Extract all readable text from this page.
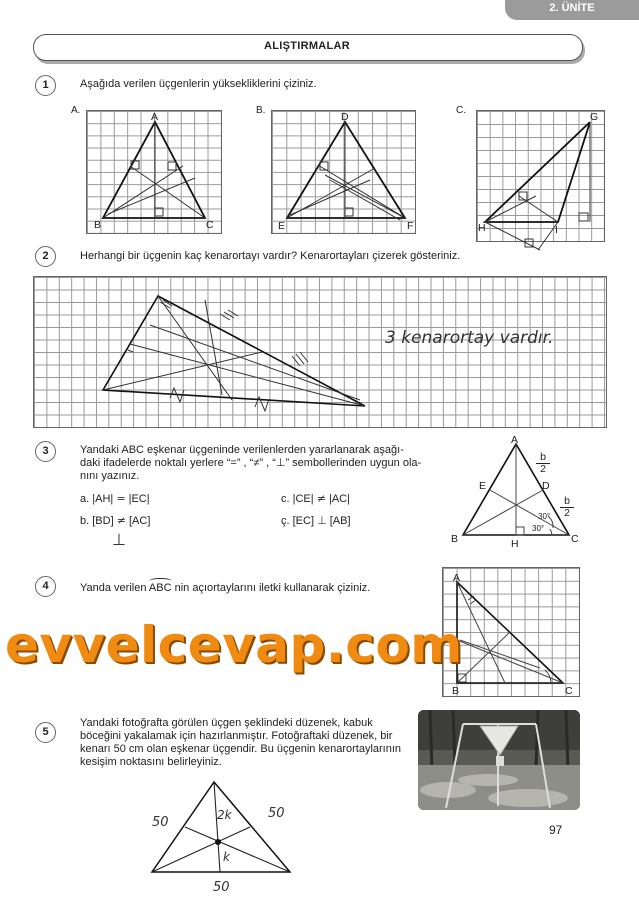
2. ÜNİTE
ALIŞTIRMALAR
1	Aşağıda verilen üçgenlerin yüksekliklerini çiziniz.
A.	B.	C.
A
B	C
D
E	F
G
H	I
2	Herhangi bir üçgenin kaç kenarortayı vardır? Kenarortayları çizerek gösteriniz.
3 kenarortay vardır.
3	Yandaki ABC eşkenar üçgeninde verilenlerden yararlanarak aşağı-
daki ifadelerde noktalı yerlere “=” , “≠” , “⊥” sembollerinden uygun ola-
nını yazınız.
a. |AH| = |EC|
b. [BD] ≠ [AC]
⊥
c. |CE| ≠ |AC|
ç. [EC] ⊥ [AB]
A
B	C
D
E
H
b
2
b
2
30°
30°
4	Yanda verilen ABC nin açıortaylarını iletki kullanarak çiziniz.
A
B	C
evvelcevap.com
5
Yandaki fotoğrafta görülen üçgen şeklindeki düzenek, kabuk
böceğini yakalamak için hazırlanmıştır. Fotoğraftaki düzenek, bir
kenarı 50 cm olan eşkenar üçgendir. Bu üçgenin kenarortaylarının
kesişim noktasını belirleyiniz.
50
50
50
2k
k
97
